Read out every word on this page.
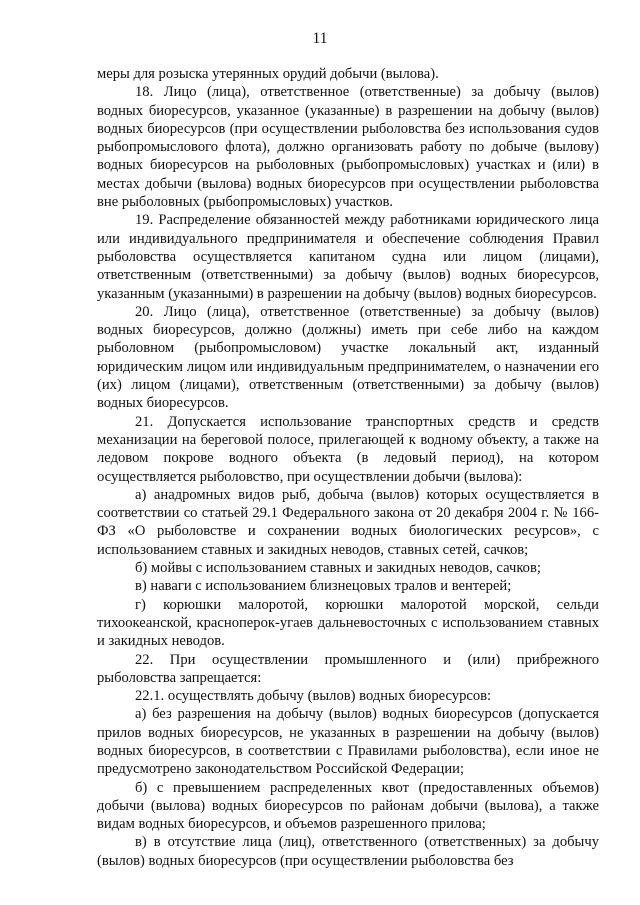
11

меры для розыска утерянных орудий добычи (вылова).

18. Лицо (лица), ответственное (ответственные) за добычу (вылов) водных биоресурсов, указанное (указанные) в разрешении на добычу (вылов) водных биоресурсов (при осуществлении рыболовства без использования судов рыбопромыслового флота), должно организовать работу по добыче (вылову) водных биоресурсов на рыболовных (рыбопромысловых) участках и (или) в местах добычи (вылова) водных биоресурсов при осуществлении рыболовства вне рыболовных (рыбопромысловых) участков.

19. Распределение обязанностей между работниками юридического лица или индивидуального предпринимателя и обеспечение соблюдения Правил рыболовства осуществляется капитаном судна или лицом (лицами), ответственным (ответственными) за добычу (вылов) водных биоресурсов, указанным (указанными) в разрешении на добычу (вылов) водных биоресурсов.

20. Лицо (лица), ответственное (ответственные) за добычу (вылов) водных биоресурсов, должно (должны) иметь при себе либо на каждом рыболовном (рыбопромысловом) участке локальный акт, изданный юридическим лицом или индивидуальным предпринимателем, о назначении его (их) лицом (лицами), ответственным (ответственными) за добычу (вылов) водных биоресурсов.

21. Допускается использование транспортных средств и средств механизации на береговой полосе, прилегающей к водному объекту, а также на ледовом покрове водного объекта (в ледовый период), на котором осуществляется рыболовство, при осуществлении добычи (вылова):

а) анадромных видов рыб, добыча (вылов) которых осуществляется в соответствии со статьей 29.1 Федерального закона от 20 декабря 2004 г. № 166-ФЗ «О рыболовстве и сохранении водных биологических ресурсов», с использованием ставных и закидных неводов, ставных сетей, сачков;

б) мойвы с использованием ставных и закидных неводов, сачков;

в) наваги с использованием близнецовых тралов и вентерей;

г) корюшки малоротой, корюшки малоротой морской, сельди тихоокеанской, красноперок-угаев дальневосточных с использованием ставных и закидных неводов.

22. При осуществлении промышленного и (или) прибрежного рыболовства запрещается:

22.1. осуществлять добычу (вылов) водных биоресурсов:

а) без разрешения на добычу (вылов) водных биоресурсов (допускается прилов водных биоресурсов, не указанных в разрешении на добычу (вылов) водных биоресурсов, в соответствии с Правилами рыболовства), если иное не предусмотрено законодательством Российской Федерации;

б) с превышением распределенных квот (предоставленных объемов) добычи (вылова) водных биоресурсов по районам добычи (вылова), а также видам водных биоресурсов, и объемов разрешенного прилова;

в) в отсутствие лица (лиц), ответственного (ответственных) за добычу (вылов) водных биоресурсов (при осуществлении рыболовства без
